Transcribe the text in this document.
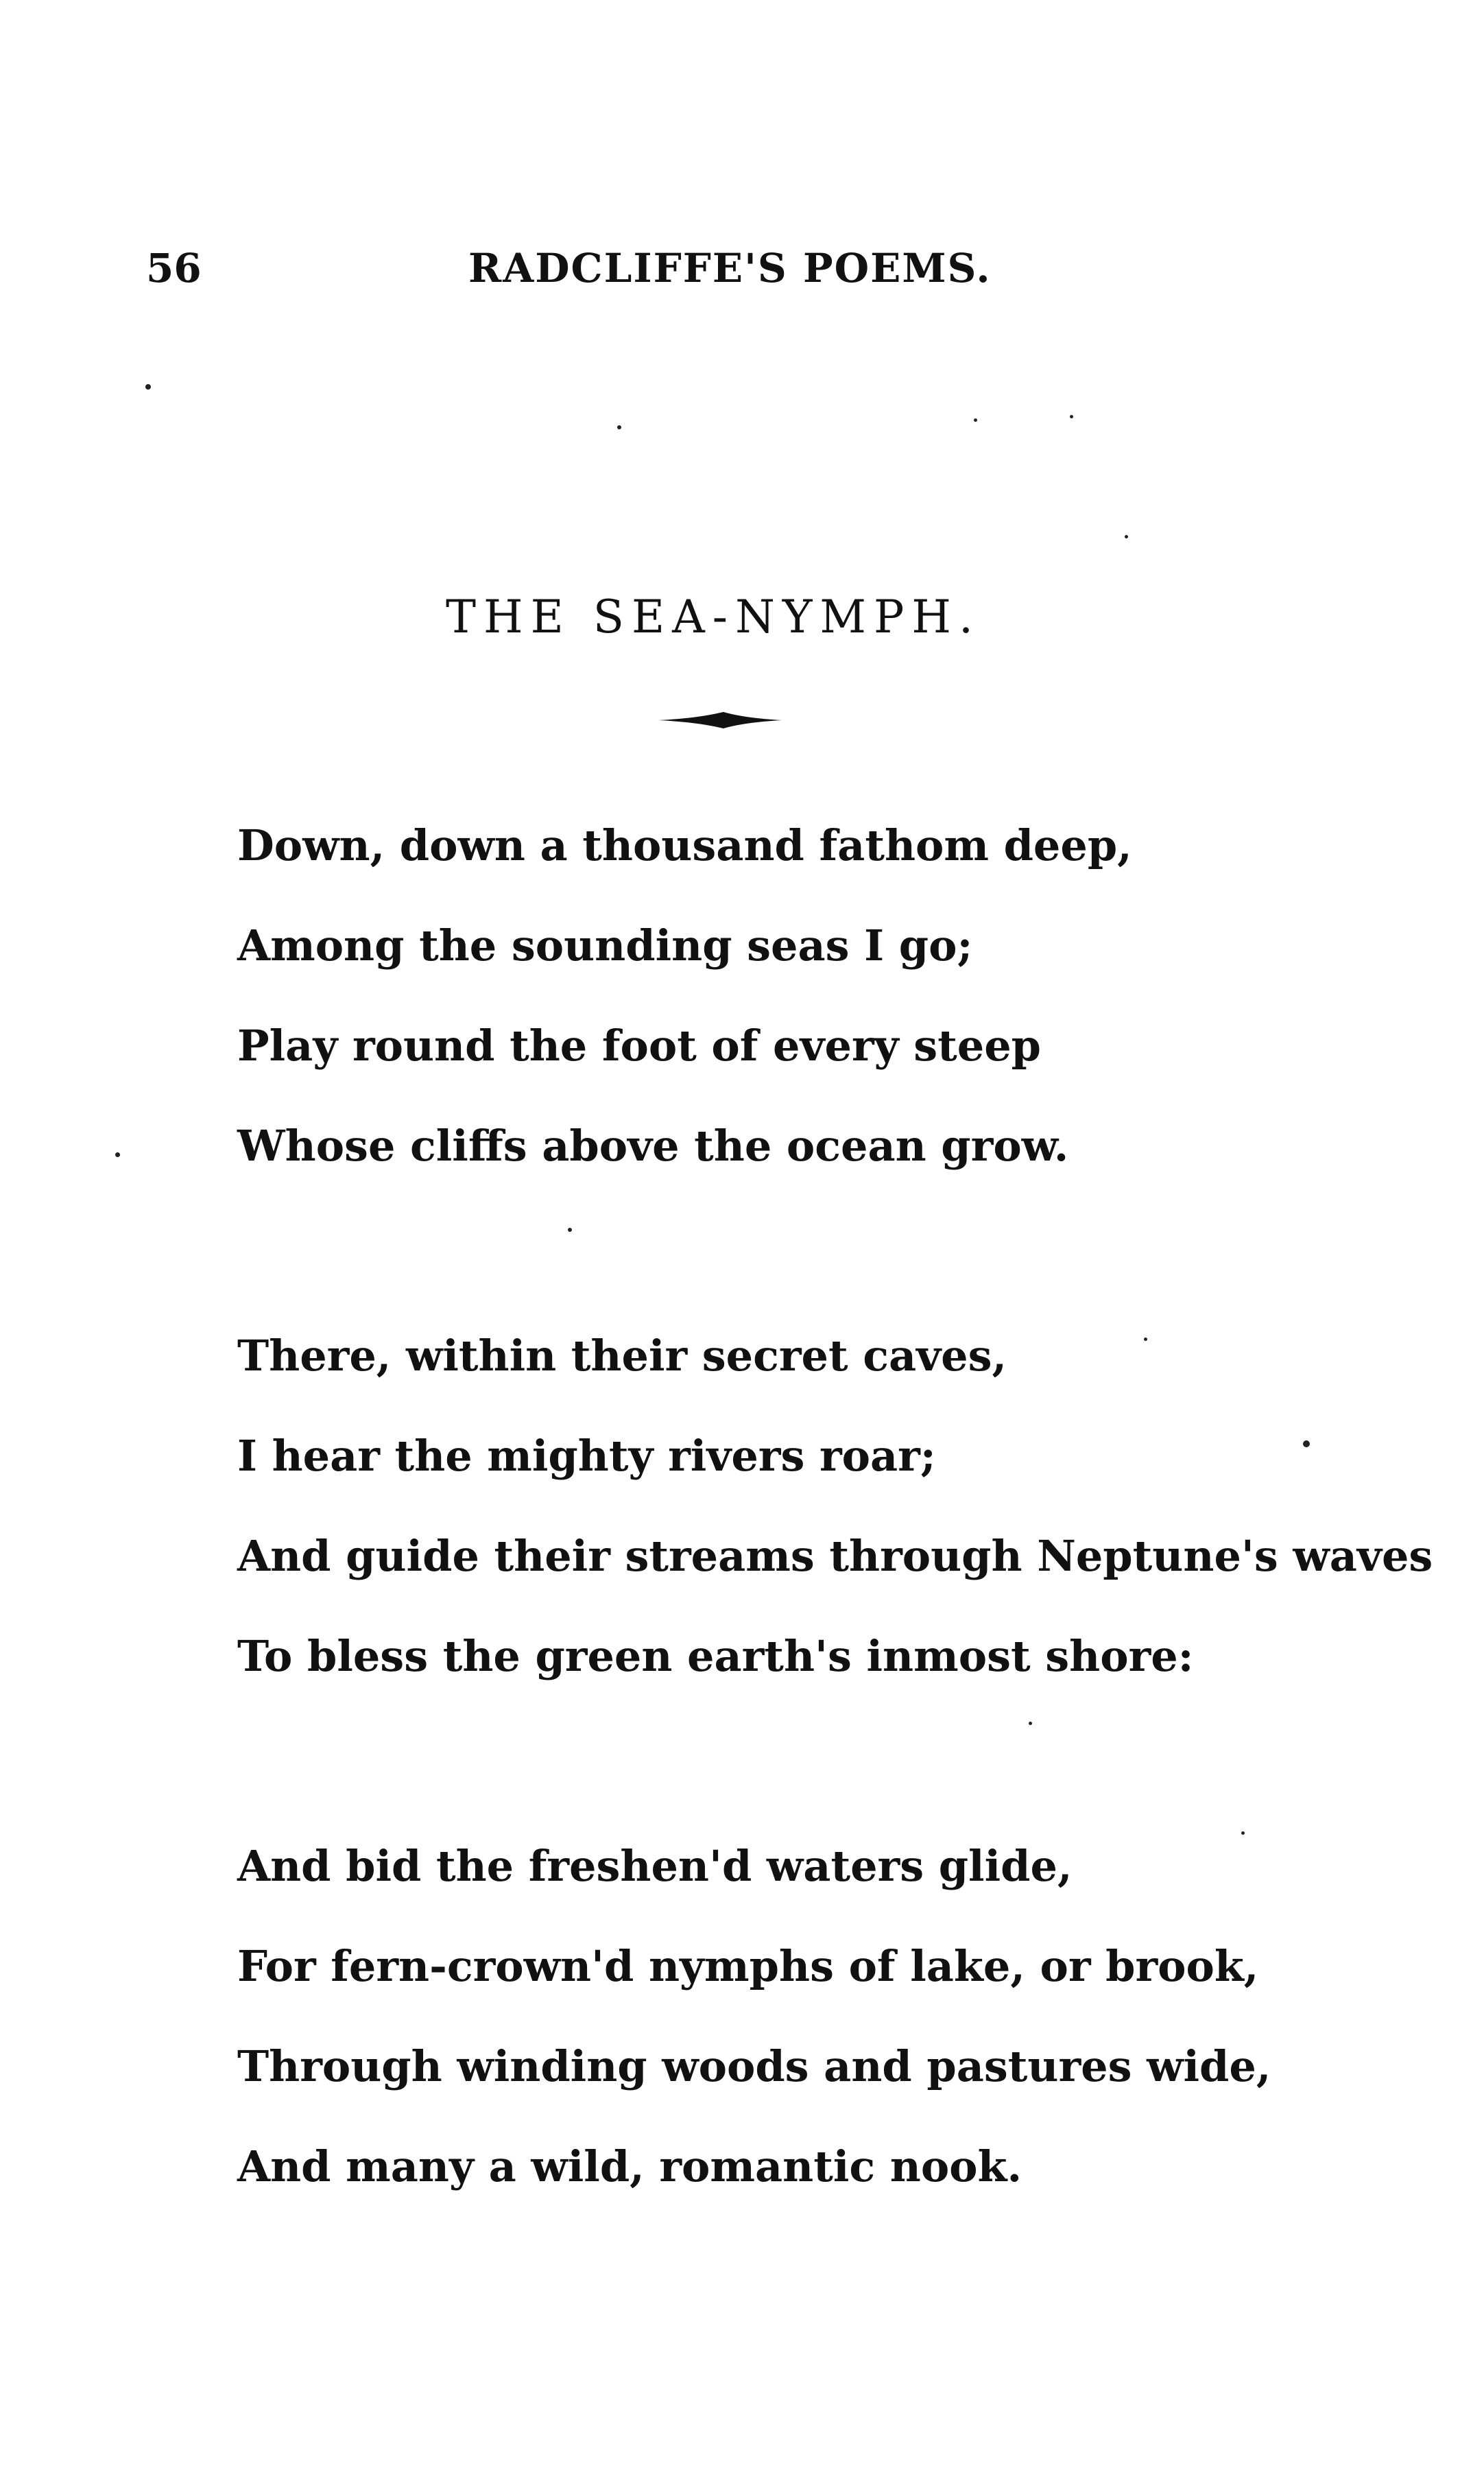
56	RADCLIFFE'S POEMS.
THE SEA-NYMPH.
Down, down a thousand fathom deep,
Among the sounding seas I go;
Play round the foot of every steep
Whose cliffs above the ocean grow.
There, within their secret caves,
I hear the mighty rivers roar;
And guide their streams through Neptune's waves
To bless the green earth's inmost shore:
And bid the freshen'd waters glide,
For fern-crown'd nymphs of lake, or brook,
Through winding woods and pastures wide,
And many a wild, romantic nook.
